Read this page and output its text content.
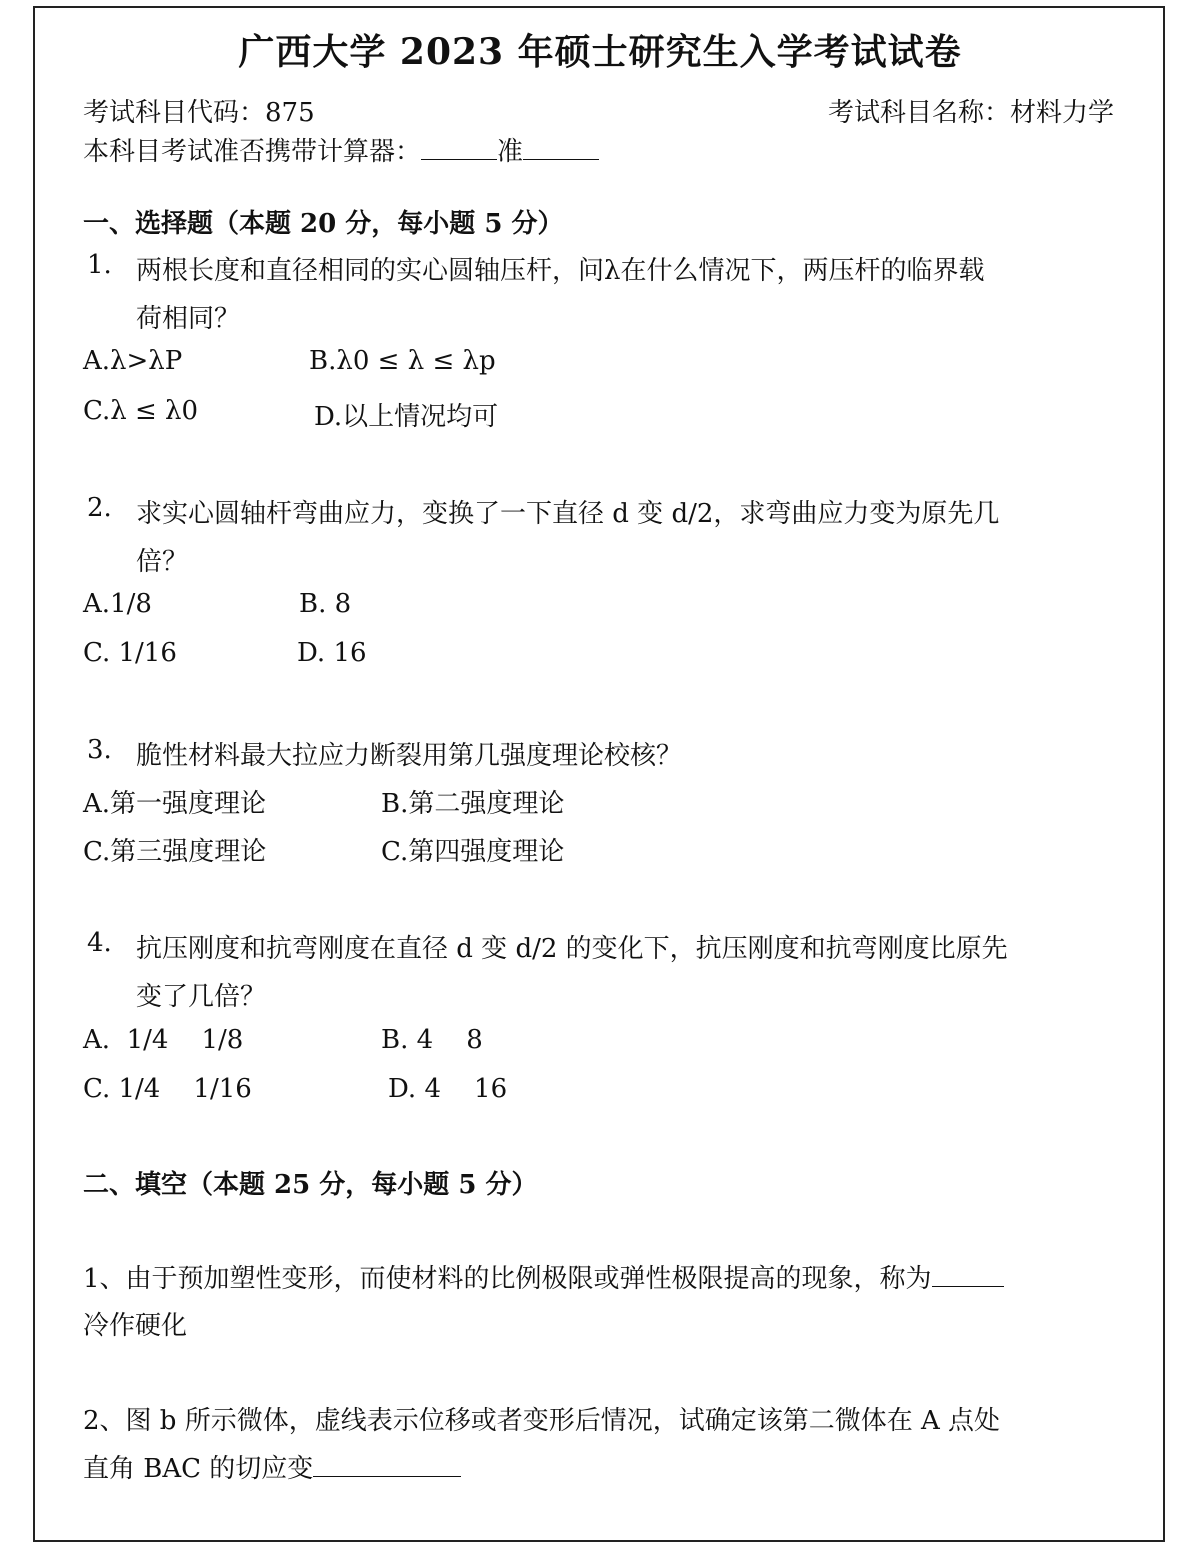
广西大学 2023 年硕士研究生入学考试试卷
考试科目代码：875	考试科目名称：材料力学
本科目考试准否携带计算器：	准
一、选择题（本题 20 分，每小题 5 分）
1. 两根长度和直径相同的实心圆轴压杆，问λ在什么情况下，两压杆的临界载
荷相同？
A.λ>λP	B.λ0 ≤ λ ≤ λp
C.λ ≤ λ0	D.以上情况均可
2. 求实心圆轴杆弯曲应力，变换了一下直径 d 变 d/2，求弯曲应力变为原先几
倍？
A.1/8	B. 8
C. 1/16	D. 16
3. 脆性材料最大拉应力断裂用第几强度理论校核？
A.第一强度理论	B.第二强度理论
C.第三强度理论	C.第四强度理论
4. 抗压刚度和抗弯刚度在直径 d 变 d/2 的变化下，抗压刚度和抗弯刚度比原先
变了几倍？
A.  1/4    1/8	B. 4    8
C. 1/4    1/16	D. 4    16
二、填空（本题 25 分，每小题 5 分）
1、由于预加塑性变形，而使材料的比例极限或弹性极限提高的现象，称为
冷作硬化
2、图 b 所示微体，虚线表示位移或者变形后情况，试确定该第二微体在 A 点处
直角 BAC 的切应变
